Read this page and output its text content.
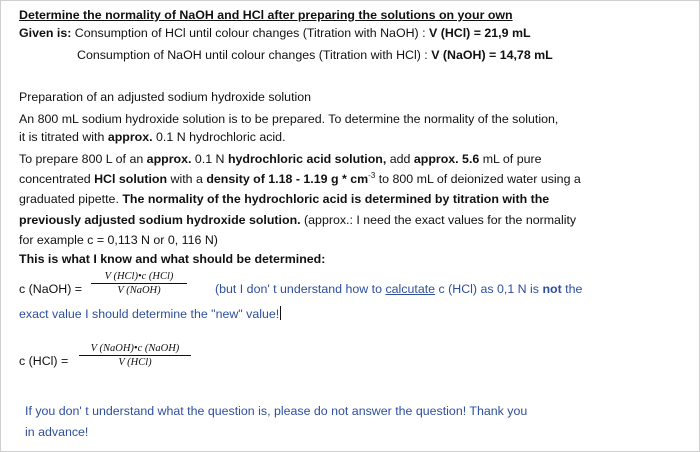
Determine the normality of NaOH and HCl after preparing the solutions on your own
Given is: Consumption of HCl until colour changes (Titration with NaOH) : V (HCl) = 21,9 mL
Consumption of NaOH until colour changes (Titration with HCl) : V (NaOH) = 14,78 mL
Preparation of an adjusted sodium hydroxide solution
An 800 mL sodium hydroxide solution is to be prepared. To determine the normality of the solution,
it is titrated with approx. 0.1 N hydrochloric acid.
To prepare 800 L of an approx. 0.1 N hydrochloric acid solution, add approx. 5.6 mL of pure
concentrated HCl solution with a density of 1.18 - 1.19 g * $cm^{-3}$ to 800 mL of deionized water using a
graduated pipette. The normality of the hydrochloric acid is determined by titration with the
previously adjusted sodium hydroxide solution. (approx.: I need the exact values for the normality
for example c = 0,113 N or 0, 116 N)
This is what I know and what should be determined:
c (NaOH) =
V (HCl)•c (HCl)
V (NaOH)	(but I don' t understand how to calcutate c (HCl) as 0,1 N is not the
exact value I should determine the "new" value!
c (HCl) =
V (NaOH)•c (NaOH)
V (HCl)
If you don' t understand what the question is, please do not answer the question! Thank you
in advance!
